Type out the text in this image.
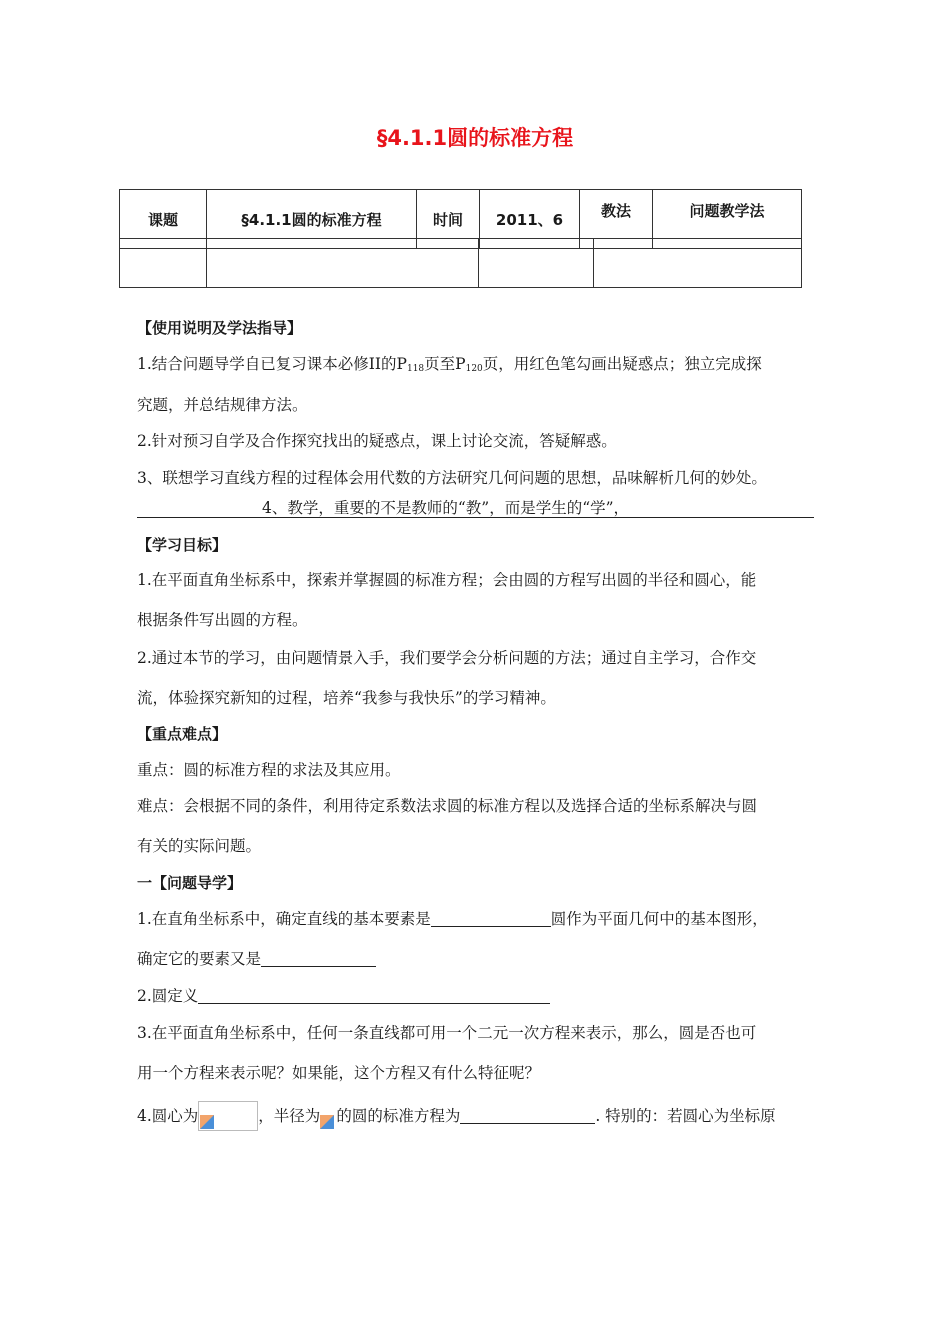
§4.1.1圆的标准方程
课题	§4.1.1圆的标准方程	时间	2011、6	教法	问题教学法

【使用说明及学法指导】
1.结合问题导学自已复习课本必修II的$P_{118}$页至$P_{120}$页，用红色笔勾画出疑惑点；独立完成探
究题，并总结规律方法。
2.针对预习自学及合作探究找出的疑惑点，课上讨论交流，答疑解惑。
3、联想学习直线方程的过程体会用代数的方法研究几何问题的思想，品味解析几何的妙处。
4、教学，重要的不是教师的“教”，而是学生的“学”，
【学习目标】
1.在平面直角坐标系中，探索并掌握圆的标准方程；会由圆的方程写出圆的半径和圆心，能
根据条件写出圆的方程。
2.通过本节的学习，由问题情景入手，我们要学会分析问题的方法；通过自主学习，合作交
流，体验探究新知的过程，培养“我参与我快乐”的学习精神。
【重点难点】
重点：圆的标准方程的求法及其应用。
难点：会根据不同的条件，利用待定系数法求圆的标准方程以及选择合适的坐标系解决与圆
有关的实际问题。
一【问题导学】
1.在直角坐标系中，确定直线的基本要素是	圆作为平面几何中的基本图形，
确定它的要素又是
2.圆定义
3.在平面直角坐标系中，任何一条直线都可用一个二元一次方程来表示，那么，圆是否也可
用一个方程来表示呢？如果能，这个方程又有什么特征呢？
4.圆心为	，半径为 的圆的标准方程为	. 特别的：若圆心为坐标原
